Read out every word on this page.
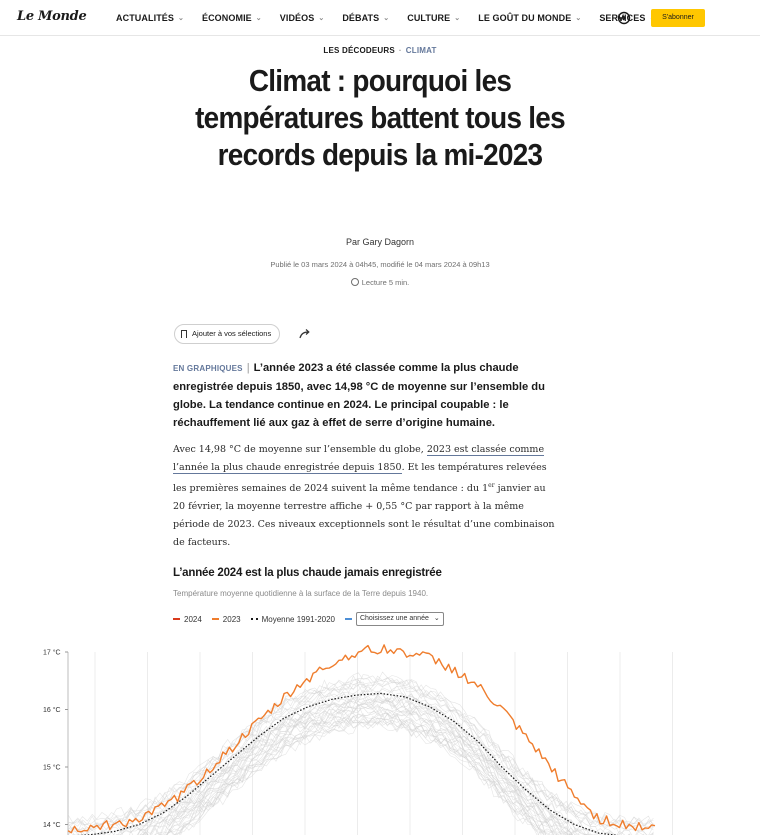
Le Monde	ACTUALITÉS ⌄ ÉCONOMIE ⌄ VIDÉOS ⌄ DÉBATS ⌄ CULTURE ⌄ LE GOÛT DU MONDE ⌄ SERVICES	S'abonner
LES DÉCODEURS · CLIMAT
Climat : pourquoi les températures battent tous les records depuis la mi-2023
Par Gary Dagorn
Publié le 03 mars 2024 à 04h45, modifié le 04 mars 2024 à 09h13
Lecture 5 min.
Ajouter à vos sélections

EN GRAPHIQUES | L’année 2023 a été classée comme la plus chaude enregistrée depuis 1850, avec 14,98 °C de moyenne sur l’ensemble du globe. La tendance continue en 2024. Le principal coupable : le réchauffement lié aux gaz à effet de serre d’origine humaine.

Avec 14,98 °C de moyenne sur l’ensemble du globe, 2023 est classée comme l’année la plus chaude enregistrée depuis 1850. Et les températures relevées les premières semaines de 2024 suivent la même tendance : du 1er janvier au 20 février, la moyenne terrestre affiche + 0,55 °C par rapport à la même période de 2023. Ces niveaux exceptionnels sont le résultat d’une combinaison de facteurs.

L’année 2024 est la plus chaude jamais enregistrée
Température moyenne quotidienne à la surface de la Terre depuis 1940.
2024	2023	Moyenne 1991-2020	Choisissez une année ⌄
17 °C
16 °C
15 °C
14 °C
